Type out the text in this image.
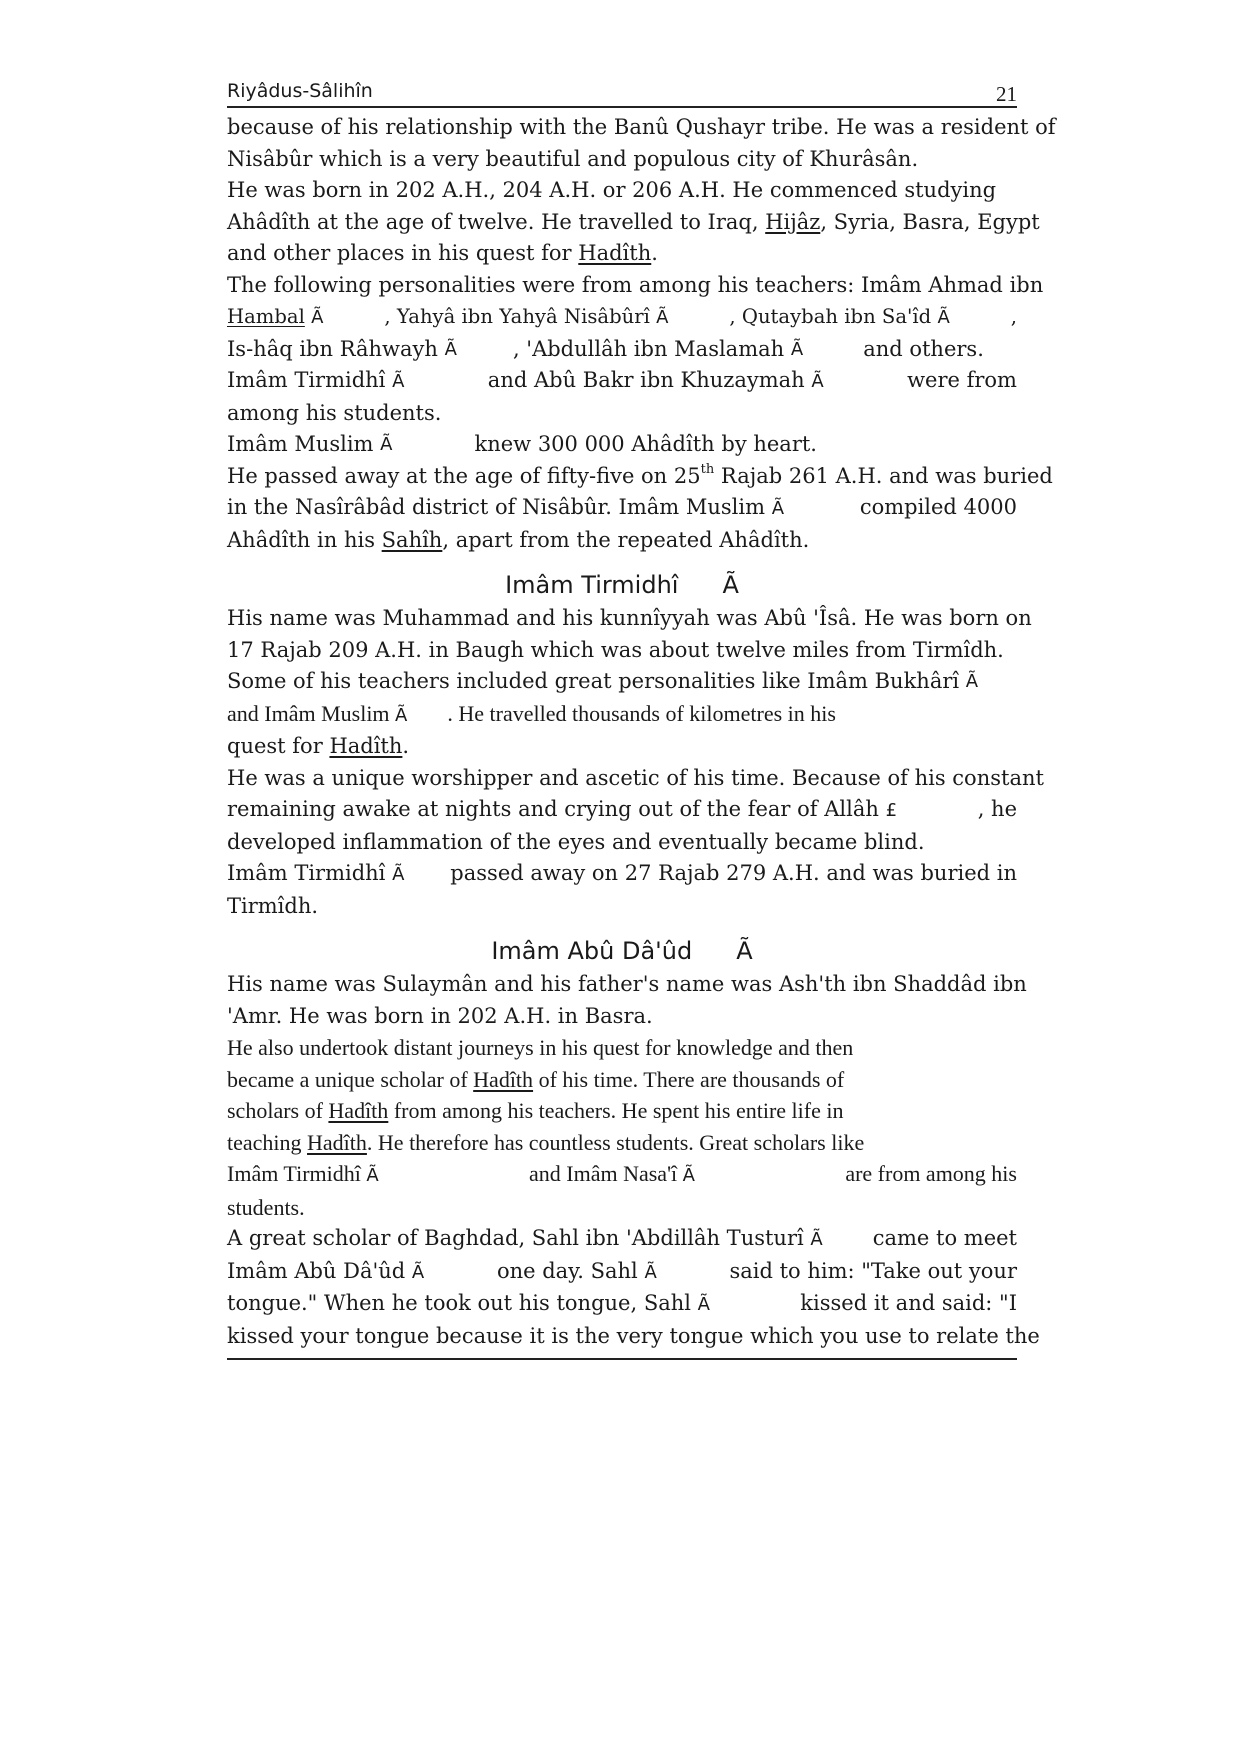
Riyâdus-Sâlihîn	21
because of his relationship with the Banû Qushayr tribe. He was a resident of
Nisâbûr which is a very beautiful and populous city of Khurâsân.
He was born in 202 A.H., 204 A.H. or 206 A.H. He commenced studying
Ahâdîth at the age of twelve. He travelled to Iraq, Hijâz, Syria, Basra, Egypt
and other places in his quest for Hadîth.
The following personalities were from among his teachers: Imâm Ahmad ibn
Hambal Ã	, Yahyâ ibn Yahyâ Nisâbûrî Ã	, Qutaybah ibn Sa'îd Ã	,
Is-hâq
ibn Râhwayh
Ã	, 'Abdullâh ibn Maslamah
Ã	and others.
Imâm Tirmidhî Ã	and Abû Bakr ibn Khuzaymah Ã	were from
among his students.
Imâm Muslim
Ã	knew 300 000
Ahâdîth
by heart.
He passed away at the age of fifty-five on 25th Rajab 261 A.H. and was buried
in the Nasîrâbâd district of Nisâbûr. Imâm Muslim Ã	compiled 4000
Ahâdîth
in his
Sahîh , apart from the repeated
Ahâdîth .
Imâm Tirmidhî Ã
His name was Muhammad and his kunnîyyah was Abû 'Îsâ. He was born on
17 Rajab 209 A.H. in Baugh which was about twelve miles from Tirmîdh.
Some of his teachers included great personalities like Imâm Bukhârî
Ã
and Imâm Muslim Ã . He travelled thousands of kilometres in his
quest for
Hadîth .
He was a unique worshipper and ascetic of his time. Because of his constant
remaining awake at nights and crying out of the fear of Allâh £	, he
developed inflammation of the eyes and eventually became blind.
Imâm Tirmidhî Ã passed away on 27 Rajab 279 A.H. and was buried in
Tirmîdh.
Imâm Abû Dâ'ûd Ã
His name was Sulaymân and his father's name was Ash'th ibn Shaddâd ibn
'Amr. He was born in 202 A.H. in Basra.
He also undertook distant journeys in his quest for knowledge and then
became a unique scholar of Hadîth of his time. There are thousands of
scholars of Hadîth from among his teachers. He spent his entire life in
teaching Hadîth. He therefore has countless students. Great scholars like
Imâm Tirmidhî Ã	and Imâm Nasa'î Ã	are from among his
students.
A great scholar of Baghdad, Sahl ibn 'Abdillâh Tusturî Ã came to meet
Imâm Abû Dâ'ûd Ã	one day. Sahl Ã	said to him: "Take out your
tongue." When he took out his tongue, Sahl Ã	kissed it and said: "I
kissed your tongue because it is the very tongue which you use to relate the
